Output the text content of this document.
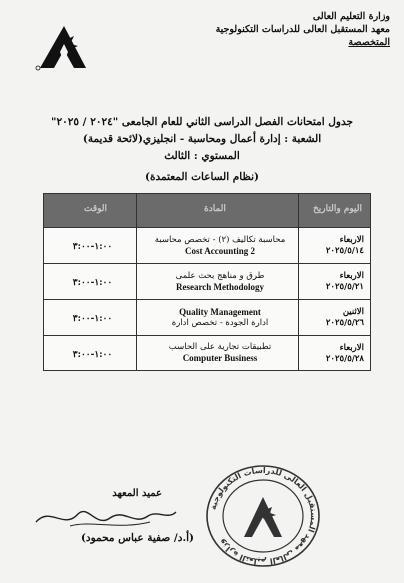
وزارة التعليم العالى
معهد المستقبل العالى للدراسات التكنولوجية
المتخصصة
جدول امتحانات الفصل الدراسى الثاني للعام الجامعى "٢٠٢٤ / ٢٠٢٥"
الشعبة : إدارة أعمال ومحاسبة - انجليزي(لائحة قديمة)
المستوي : الثالث
(نظام الساعات المعتمدة)
اليوم والتاريخ
المادة
الوقت
الاربعاء
٢٠٢٥/٥/١٤
محاسبة تكاليف (٢) - تخصص محاسبة
Cost Accounting 2
١:٠٠-٣:٠٠
الاربعاء
٢٠٢٥/٥/٢١
طرق و مناهج بحث علمى
Research Methodology
١:٠٠-٣:٠٠
الاثنين
٢٠٢٥/٥/٢٦
Quality Management
ادارة الجودة - تخصص ادارة
١:٠٠-٣:٠٠
الاربعاء
٢٠٢٥/٥/٢٨
تطبيقات تجارية على الحاسب
Computer Business
١:٠٠-٣:٠٠
عميد المعهد
(أ.د/ صفية عباس محمود)
وزارة التعليم العالى معهد المستقبل العالى للدراسات التكنولوجية
